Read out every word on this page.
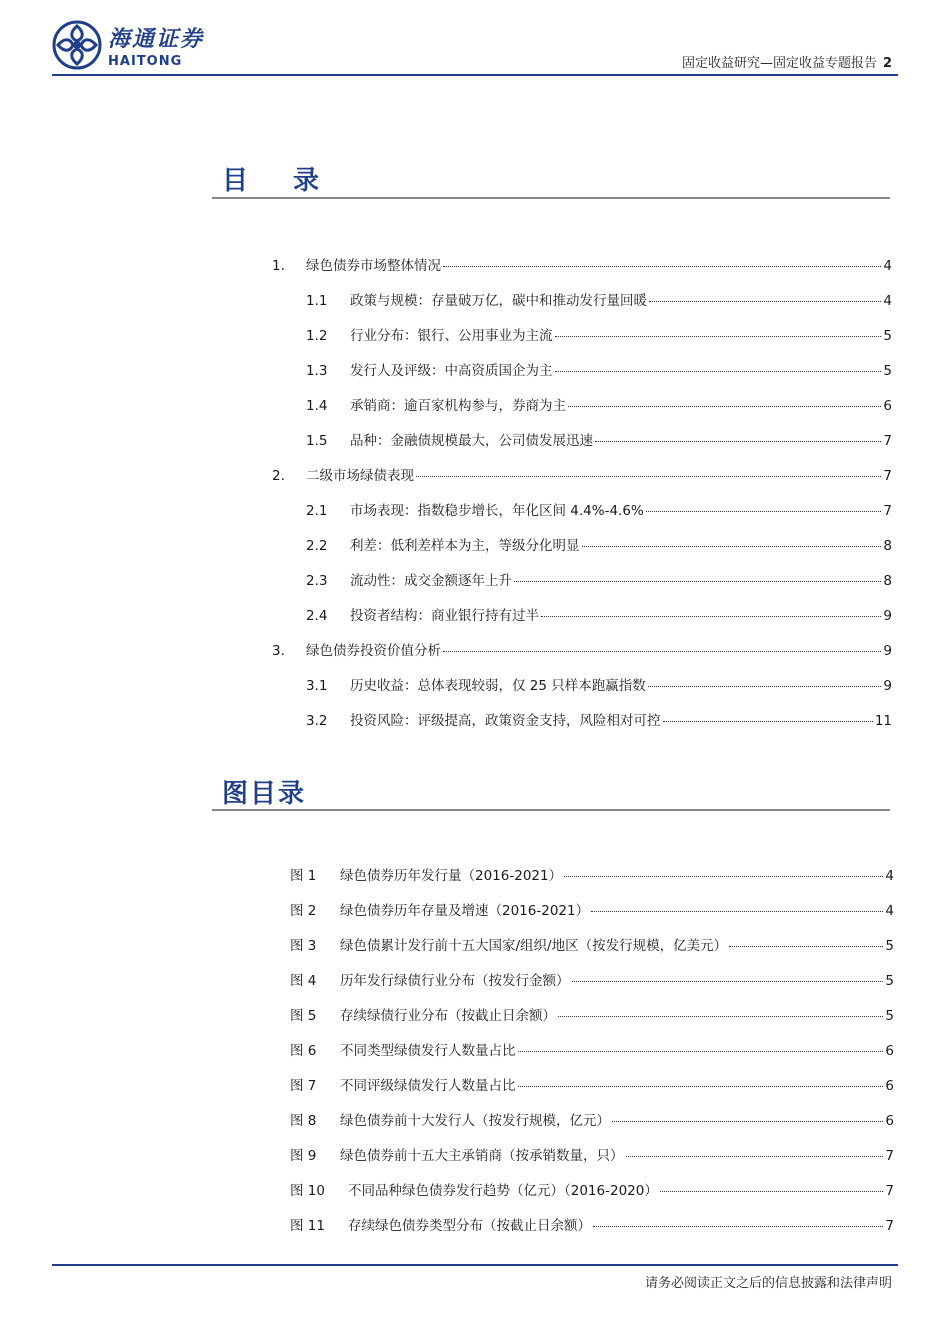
海通证券
HAITONG	固定收益研究—固定收益专题报告 2
目 录
1.	绿色债券市场整体情况	4
1.1	政策与规模：存量破万亿，碳中和推动发行量回暖	4
1.2	行业分布：银行、公用事业为主流	5
1.3	发行人及评级：中高资质国企为主	5
1.4	承销商：逾百家机构参与，券商为主	6
1.5	品种：金融债规模最大，公司债发展迅速	7
2.	二级市场绿债表现	7
2.1	市场表现：指数稳步增长，年化区间 4.4%-4.6%	7
2.2	利差：低利差样本为主，等级分化明显	8
2.3	流动性：成交金额逐年上升	8
2.4	投资者结构：商业银行持有过半	9
3.	绿色债券投资价值分析	9
3.1	历史收益：总体表现较弱，仅 25 只样本跑赢指数	9
3.2	投资风险：评级提高，政策资金支持，风险相对可控	11
图目录
图 1	绿色债券历年发行量（2016-2021）	4
图 2	绿色债券历年存量及增速（2016-2021）	4
图 3	绿色债累计发行前十五大国家/组织/地区（按发行规模，亿美元）	5
图 4	历年发行绿债行业分布（按发行金额）	5
图 5	存续绿债行业分布（按截止日余额）	5
图 6	不同类型绿债发行人数量占比	6
图 7	不同评级绿债发行人数量占比	6
图 8	绿色债券前十大发行人（按发行规模，亿元）	6
图 9	绿色债券前十五大主承销商（按承销数量，只）	7
图 10	不同品种绿色债券发行趋势（亿元）（2016-2020）	7
图 11	存续绿色债券类型分布（按截止日余额）	7
请务必阅读正文之后的信息披露和法律声明
